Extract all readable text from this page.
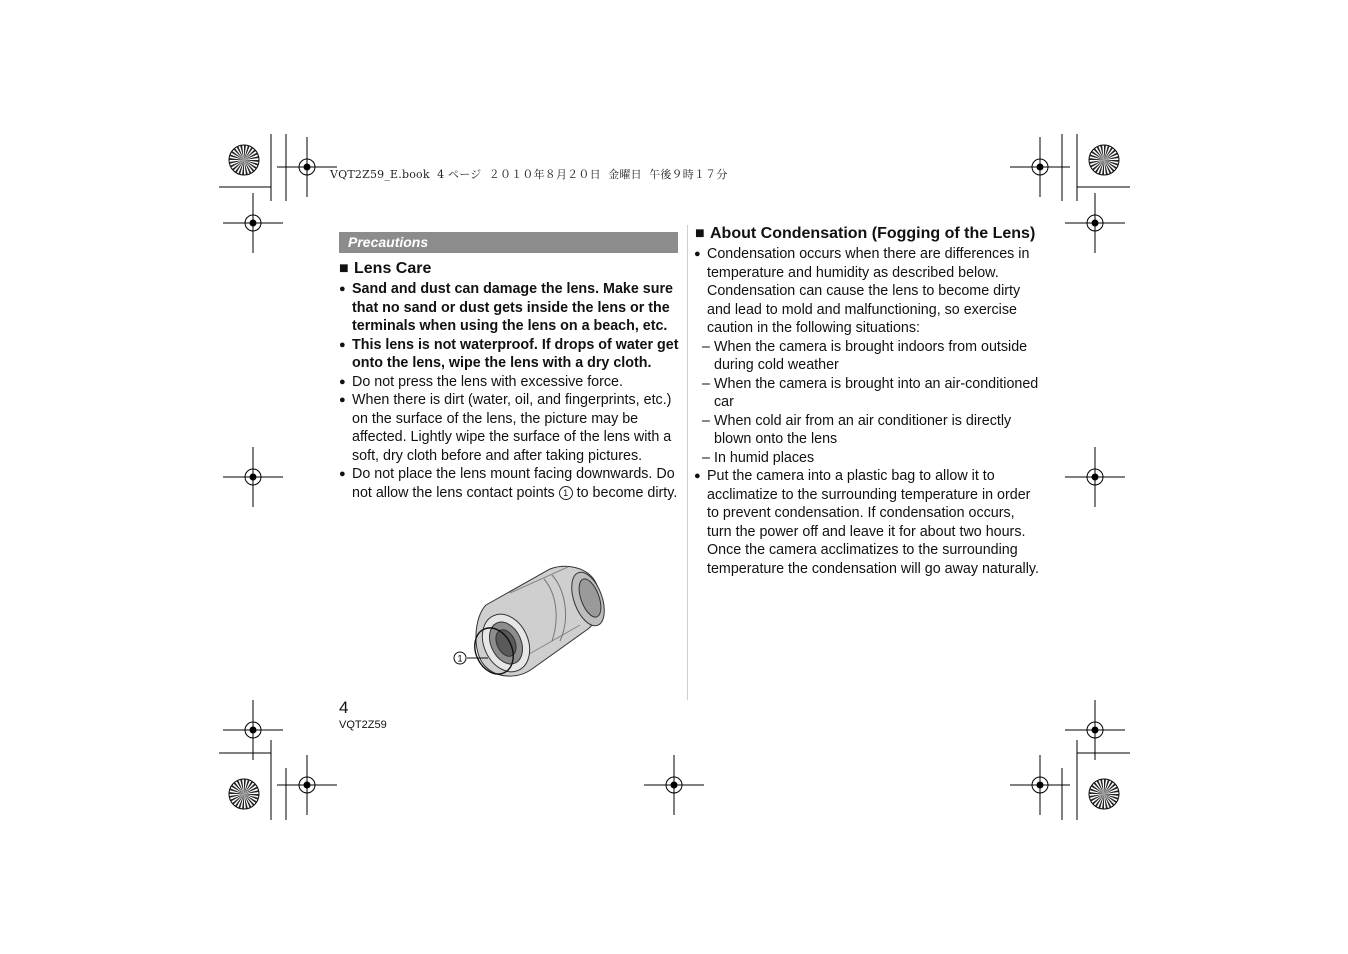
VQT2Z59_E.book  4 ページ  ２０１０年８月２０日  金曜日  午後９時１７分
Precautions
■ Lens Care
● Sand and dust can damage the lens. Make sure that no sand or dust gets inside the lens or the terminals when using the lens on a beach, etc.
● This lens is not waterproof. If drops of water get onto the lens, wipe the lens with a dry cloth.
● Do not press the lens with excessive force.
● When there is dirt (water, oil, and fingerprints, etc.) on the surface of the lens, the picture may be affected. Lightly wipe the surface of the lens with a soft, dry cloth before and after taking pictures.
● Do not place the lens mount facing downwards. Do not allow the lens contact points 1 to become dirty.
1
■ About Condensation (Fogging of the Lens)
● Condensation occurs when there are differences in temperature and humidity as described below. Condensation can cause the lens to become dirty and lead to mold and malfunctioning, so exercise caution in the following situations:
– When the camera is brought indoors from outside during cold weather
– When the camera is brought into an air-conditioned car
– When cold air from an air conditioner is directly blown onto the lens
– In humid places
● Put the camera into a plastic bag to allow it to acclimatize to the surrounding temperature in order to prevent condensation. If condensation occurs, turn the power off and leave it for about two hours. Once the camera acclimatizes to the surrounding temperature the condensation will go away naturally.
4
VQT2Z59
